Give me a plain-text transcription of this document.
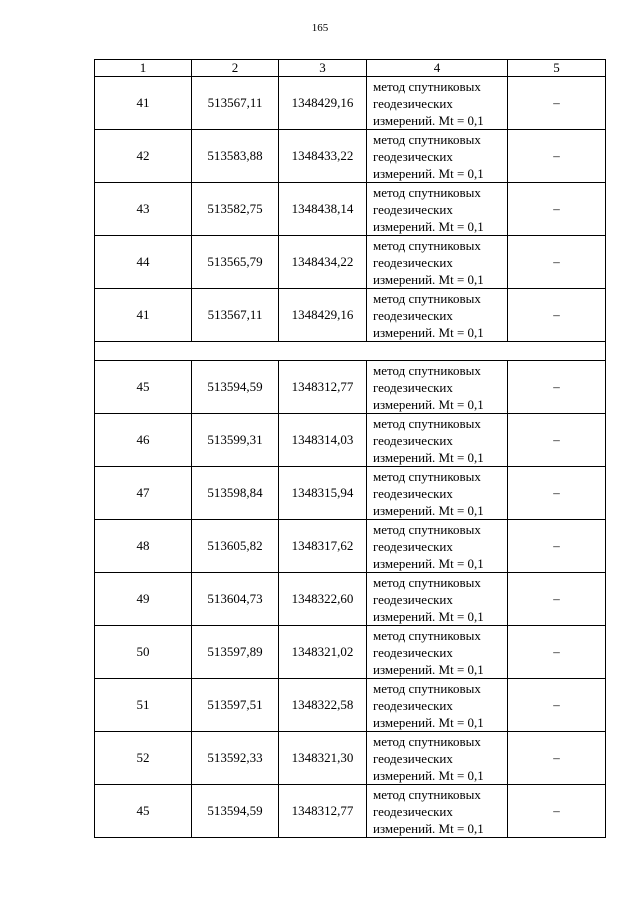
165
1	2	3	4	5
41	513567,11	1348429,16	метод спутниковых
геодезических
измерений. Mt = 0,1	–
42	513583,88	1348433,22	метод спутниковых
геодезических
измерений. Mt = 0,1	–
43	513582,75	1348438,14	метод спутниковых
геодезических
измерений. Mt = 0,1	–
44	513565,79	1348434,22	метод спутниковых
геодезических
измерений. Mt = 0,1	–
41	513567,11	1348429,16	метод спутниковых
геодезических
измерений. Mt = 0,1	–

45	513594,59	1348312,77	метод спутниковых
геодезических
измерений. Mt = 0,1	–
46	513599,31	1348314,03	метод спутниковых
геодезических
измерений. Mt = 0,1	–
47	513598,84	1348315,94	метод спутниковых
геодезических
измерений. Mt = 0,1	–
48	513605,82	1348317,62	метод спутниковых
геодезических
измерений. Mt = 0,1	–
49	513604,73	1348322,60	метод спутниковых
геодезических
измерений. Mt = 0,1	–
50	513597,89	1348321,02	метод спутниковых
геодезических
измерений. Mt = 0,1	–
51	513597,51	1348322,58	метод спутниковых
геодезических
измерений. Mt = 0,1	–
52	513592,33	1348321,30	метод спутниковых
геодезических
измерений. Mt = 0,1	–
45	513594,59	1348312,77	метод спутниковых
геодезических
измерений. Mt = 0,1	–
